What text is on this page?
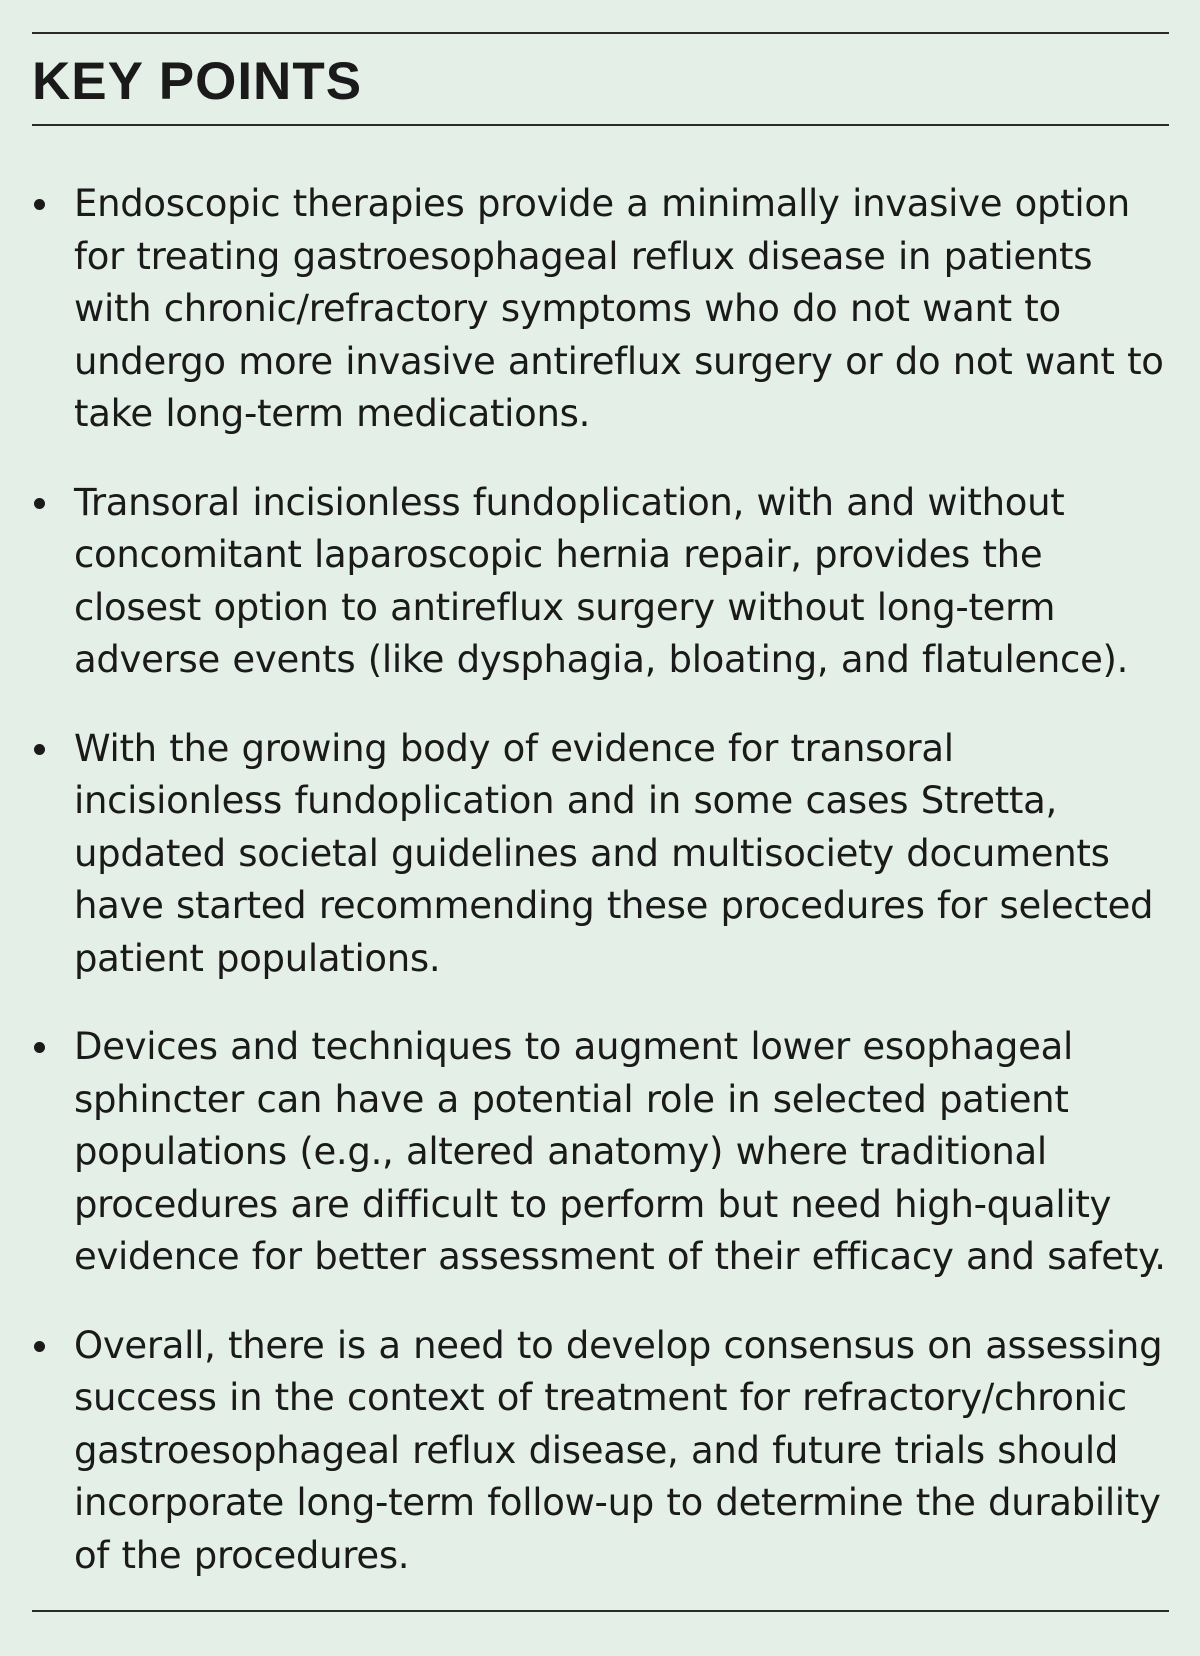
KEY POINTS
Endoscopic therapies provide a minimally invasive option for treating gastroesophageal reflux disease in patients with chronic/refractory symptoms who do not want to undergo more invasive antireflux surgery or do not want to take long-term medications.
Transoral incisionless fundoplication, with and without concomitant laparoscopic hernia repair, provides the closest option to antireflux surgery without long-term adverse events (like dysphagia, bloating, and flatulence).
With the growing body of evidence for transoral incisionless fundoplication and in some cases Stretta, updated societal guidelines and multisociety documents have started recommending these procedures for selected patient populations.
Devices and techniques to augment lower esophageal sphincter can have a potential role in selected patient populations (e.g., altered anatomy) where traditional procedures are difficult to perform but need high-quality evidence for better assessment of their efficacy and safety.
Overall, there is a need to develop consensus on assessing success in the context of treatment for refractory/chronic gastroesophageal reflux disease, and future trials should incorporate long-term follow-up to determine the durability of the procedures.
